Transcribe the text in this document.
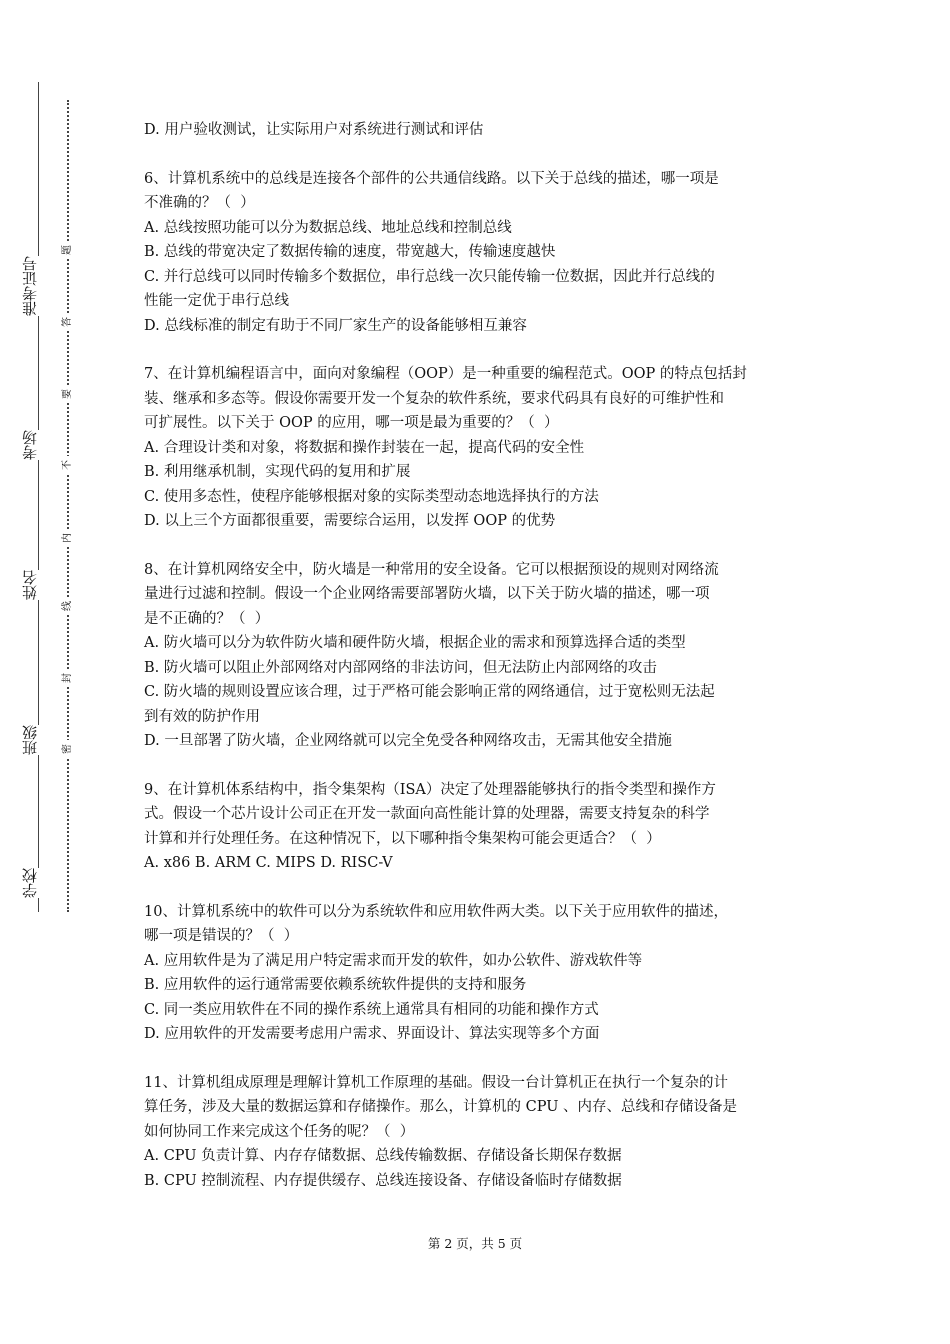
学校
班级
姓名
考场
准考证号
密
封
线
内
不
要
答
题

D. 用户验收测试，让实际用户对系统进行测试和评估

6、计算机系统中的总线是连接各个部件的公共通信线路。以下关于总线的描述，哪一项是

不准确的？（  ）

A. 总线按照功能可以分为数据总线、地址总线和控制总线

B. 总线的带宽决定了数据传输的速度，带宽越大，传输速度越快

C. 并行总线可以同时传输多个数据位，串行总线一次只能传输一位数据，因此并行总线的

性能一定优于串行总线

D. 总线标准的制定有助于不同厂家生产的设备能够相互兼容

7、在计算机编程语言中，面向对象编程（OOP）是一种重要的编程范式。OOP 的特点包括封

装、继承和多态等。假设你需要开发一个复杂的软件系统，要求代码具有良好的可维护性和

可扩展性。以下关于 OOP 的应用，哪一项是最为重要的？（  ）

A. 合理设计类和对象，将数据和操作封装在一起，提高代码的安全性

B. 利用继承机制，实现代码的复用和扩展

C. 使用多态性，使程序能够根据对象的实际类型动态地选择执行的方法

D. 以上三个方面都很重要，需要综合运用，以发挥 OOP 的优势

8、在计算机网络安全中，防火墙是一种常用的安全设备。它可以根据预设的规则对网络流

量进行过滤和控制。假设一个企业网络需要部署防火墙，以下关于防火墙的描述，哪一项

是不正确的？（  ）

A. 防火墙可以分为软件防火墙和硬件防火墙，根据企业的需求和预算选择合适的类型

B. 防火墙可以阻止外部网络对内部网络的非法访问，但无法防止内部网络的攻击

C. 防火墙的规则设置应该合理，过于严格可能会影响正常的网络通信，过于宽松则无法起

到有效的防护作用

D. 一旦部署了防火墙，企业网络就可以完全免受各种网络攻击，无需其他安全措施

9、在计算机体系结构中，指令集架构（ISA）决定了处理器能够执行的指令类型和操作方

式。假设一个芯片设计公司正在开发一款面向高性能计算的处理器，需要支持复杂的科学

计算和并行处理任务。在这种情况下，以下哪种指令集架构可能会更适合？（  ）

A. x86 B. ARM C. MIPS D. RISC-V

10、计算机系统中的软件可以分为系统软件和应用软件两大类。以下关于应用软件的描述，

哪一项是错误的？（  ）

A. 应用软件是为了满足用户特定需求而开发的软件，如办公软件、游戏软件等

B. 应用软件的运行通常需要依赖系统软件提供的支持和服务

C. 同一类应用软件在不同的操作系统上通常具有相同的功能和操作方式

D. 应用软件的开发需要考虑用户需求、界面设计、算法实现等多个方面

11、计算机组成原理是理解计算机工作原理的基础。假设一台计算机正在执行一个复杂的计

算任务，涉及大量的数据运算和存储操作。那么，计算机的 CPU 、内存、总线和存储设备是

如何协同工作来完成这个任务的呢？（  ）

A. CPU 负责计算、内存存储数据、总线传输数据、存储设备长期保存数据

B. CPU 控制流程、内存提供缓存、总线连接设备、存储设备临时存储数据

第 2 页，共 5 页
